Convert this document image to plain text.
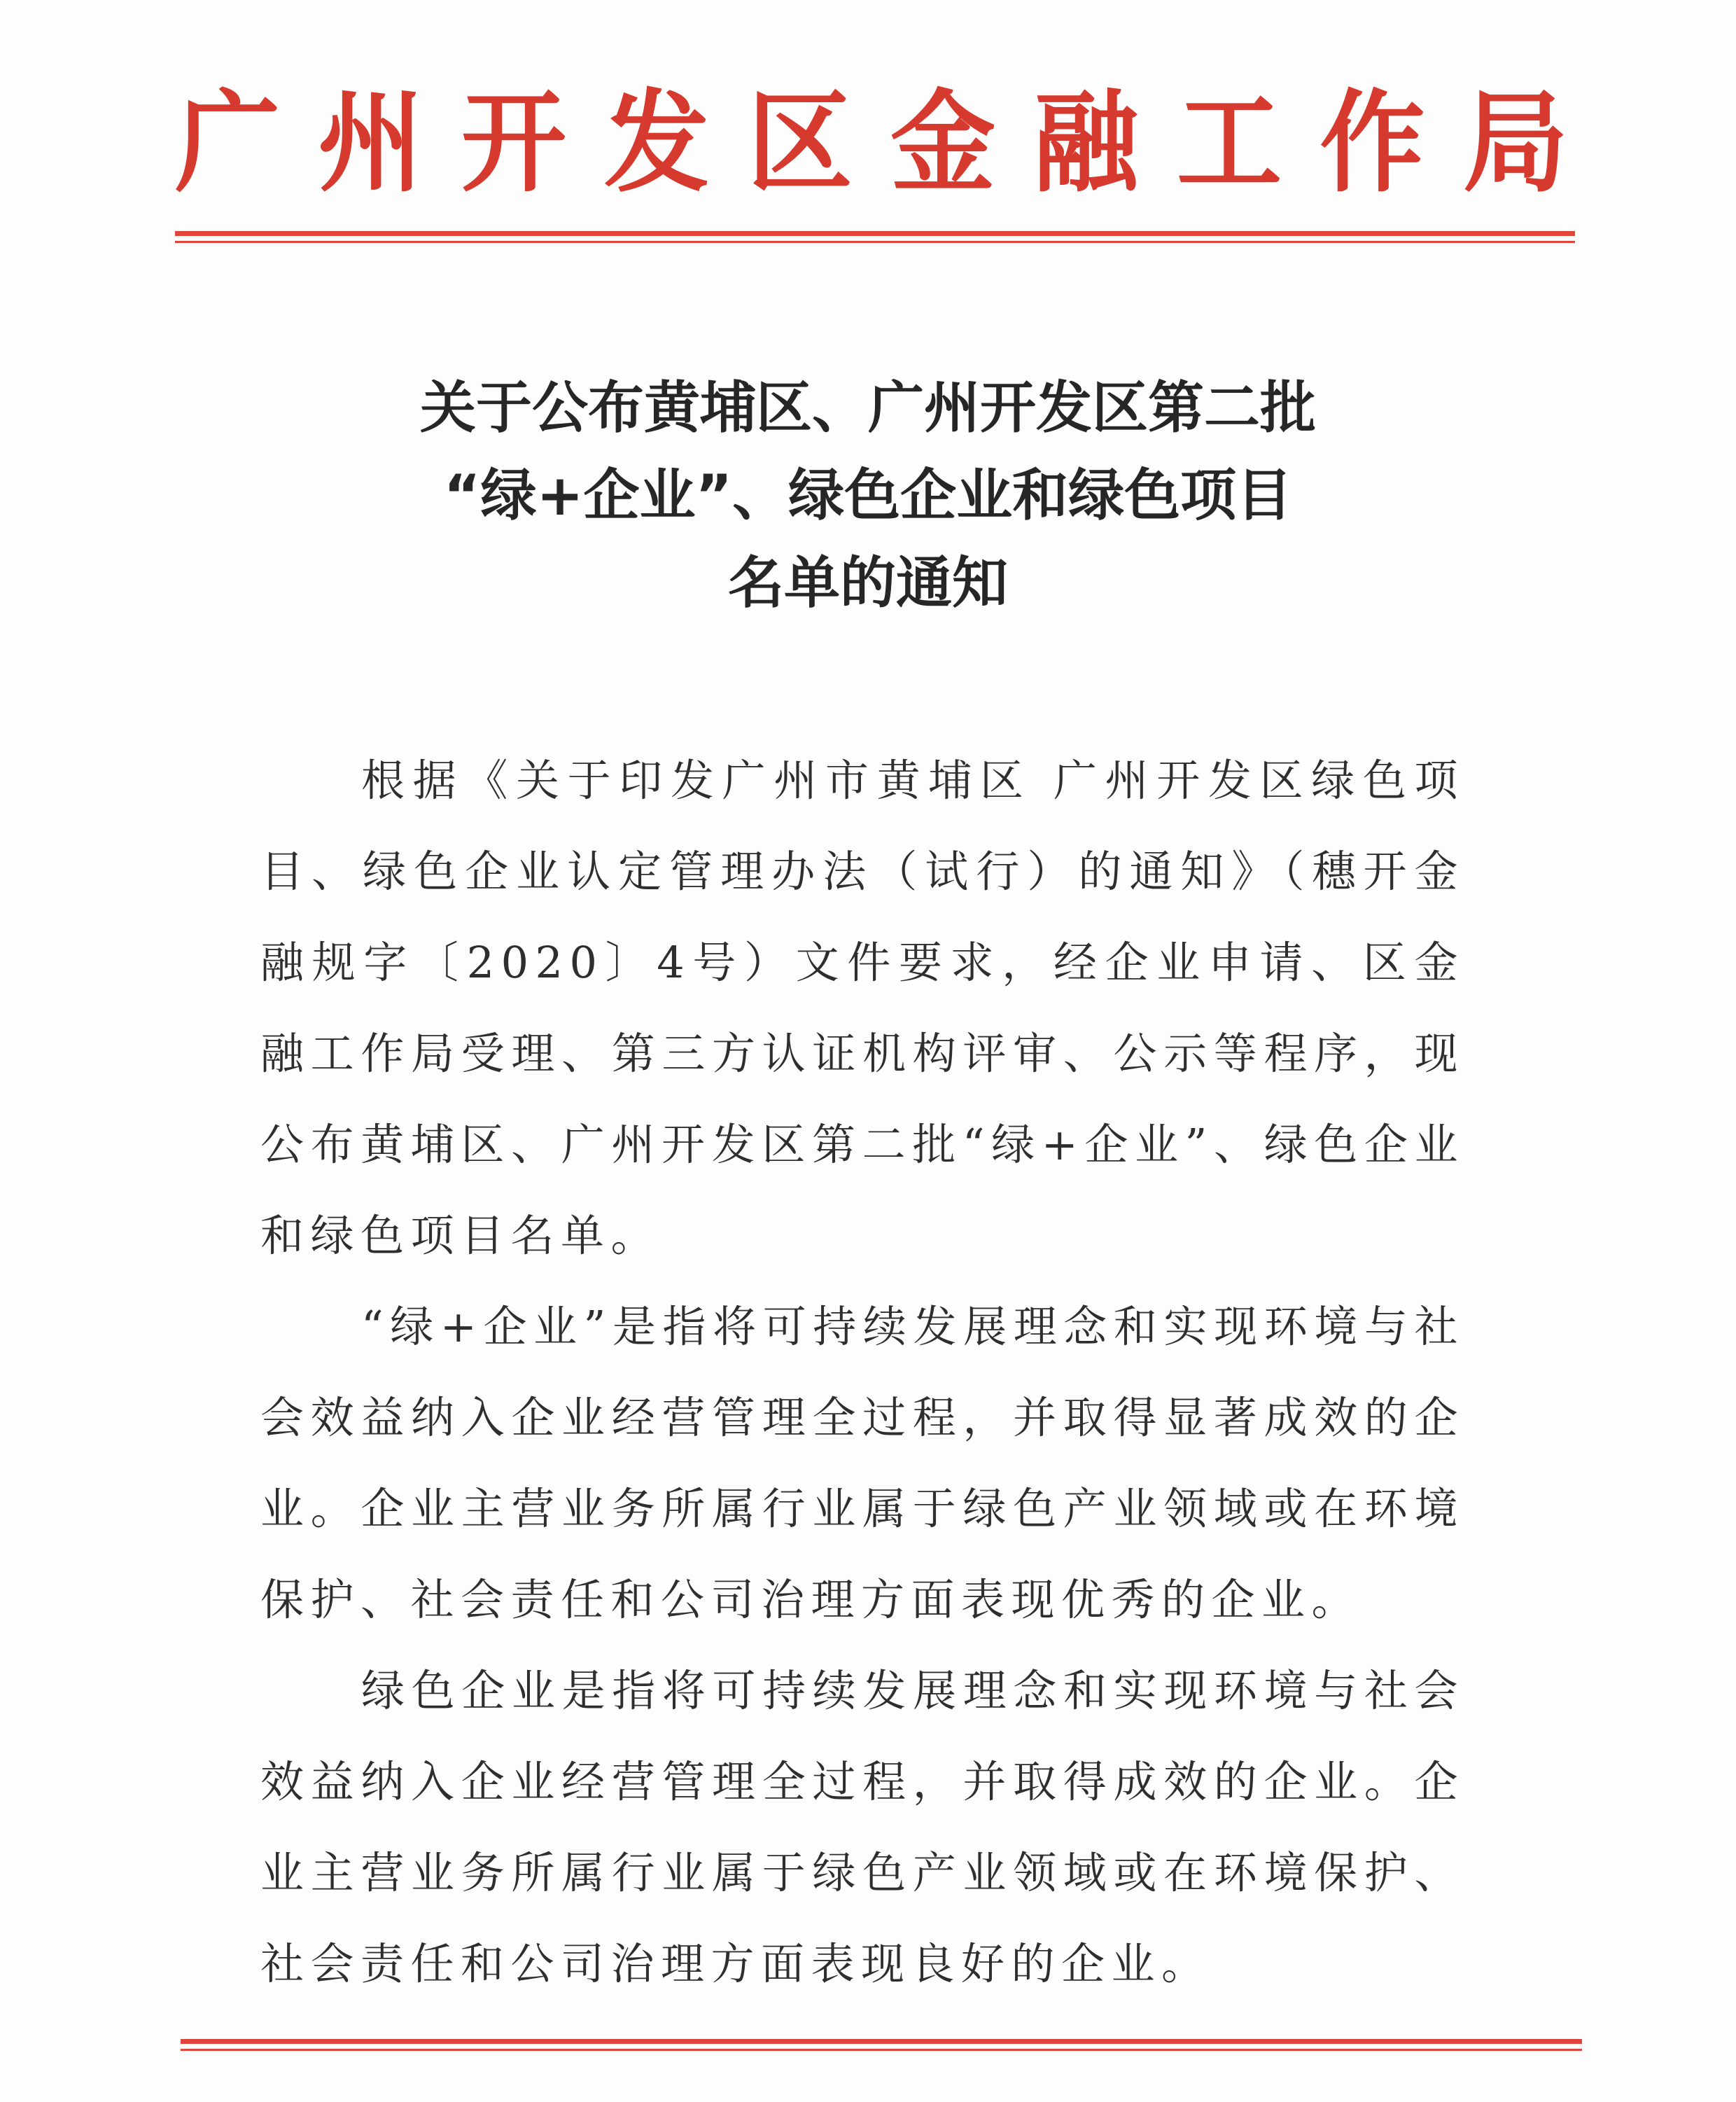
广 州 开 发 区 金 融 工 作 局
关于公布黄埔区、广州开发区第二批
“绿+企业”、绿色企业和绿色项目
名单的通知

根据《关于印发广州市黄埔区 广州开发区绿色项目、绿色企业认定管理办法（试行）的通知》（穗开金融规字〔2020〕4号）文件要求，经企业申请、区金融工作局受理、第三方认证机构评审、公示等程序，现公布黄埔区、广州开发区第二批“绿+企业”、绿色企业和绿色项目名单。

“绿+企业”是指将可持续发展理念和实现环境与社会效益纳入企业经营管理全过程，并取得显著成效的企业。企业主营业务所属行业属于绿色产业领域或在环境保护、社会责任和公司治理方面表现优秀的企业。

绿色企业是指将可持续发展理念和实现环境与社会效益纳入企业经营管理全过程，并取得成效的企业。企业主营业务所属行业属于绿色产业领域或在环境保护、社会责任和公司治理方面表现良好的企业。
